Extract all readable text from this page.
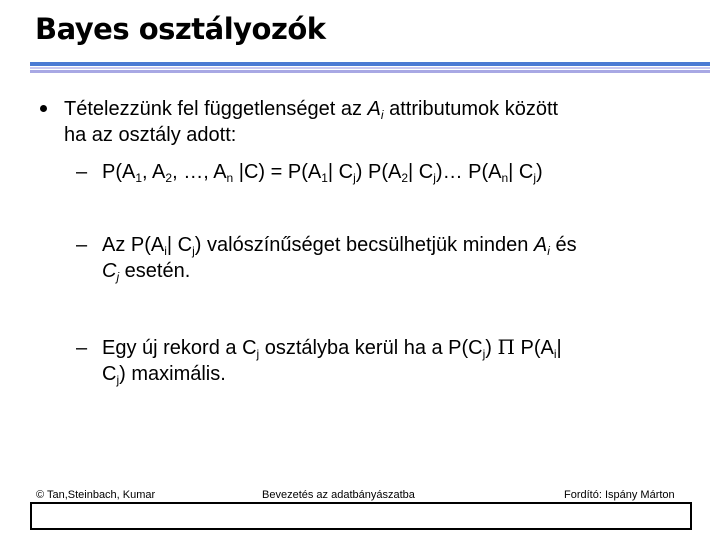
Bayes osztályozók
Tételezzünk fel függetlenséget az $A_i$ attributumok között
ha az osztály adott:
– $P(A_1$, $A_2$, …, $A_n$ $|C) = P(A_1|$ $C_j$) $P(A_2|$ $C_j)\dots$ $P(A_n|$ $C_j$)
– Az $P(A_i|$ $C_j$) valószínűséget becsülhetjük minden $A_i$ és
$C_j$ esetén.
– Egy új rekord a $C_j$ osztályba kerül ha a $P(C_j)$ Π $P(A_i|$
$C_j$) maximális.
© Tan,Steinbach, Kumar	Bevezetés az adatbányászatba	Fordító: Ispány Márton
